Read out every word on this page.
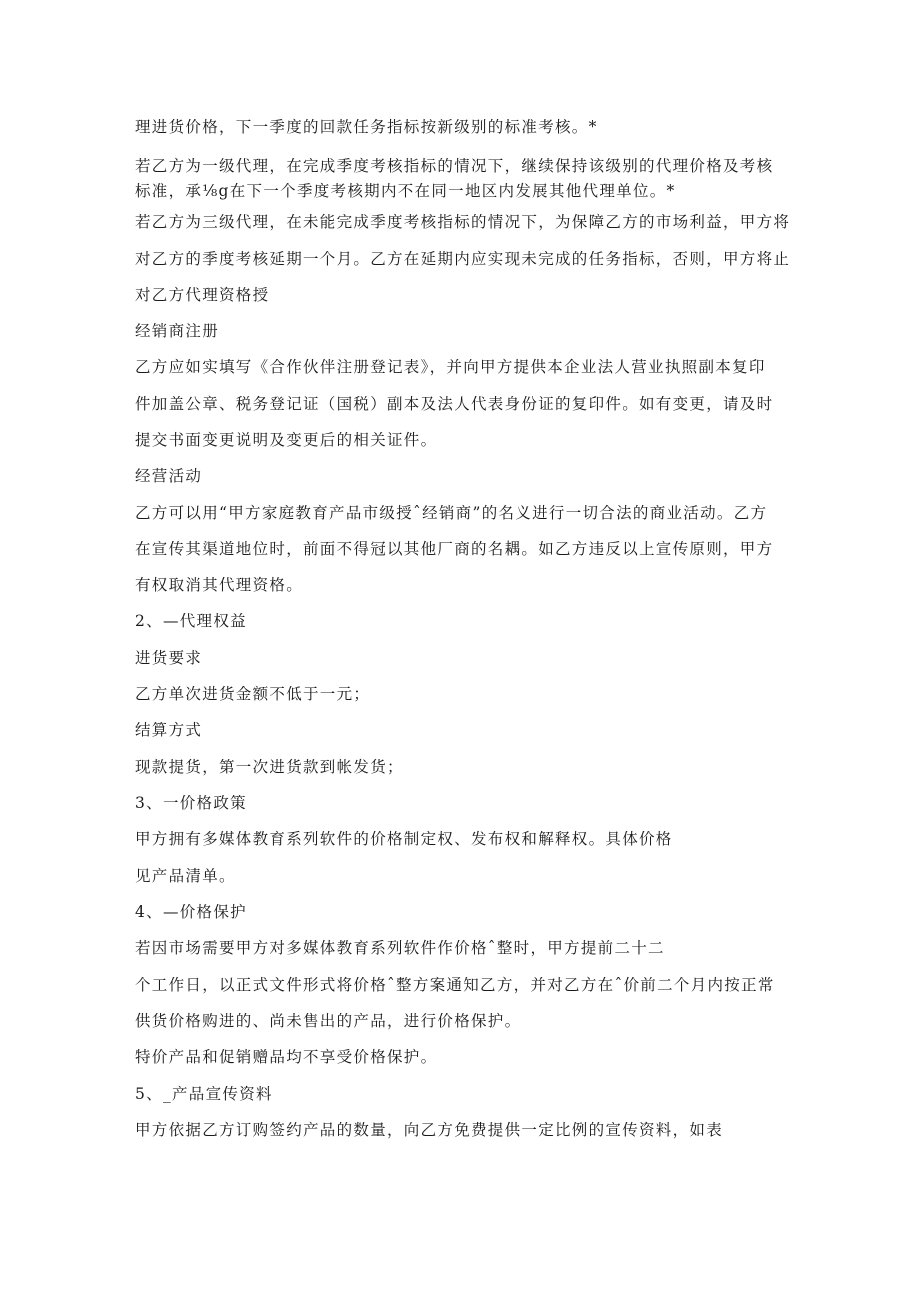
理进货价格，下一季度的回款任务指标按新级别的标准考核。*
若乙方为一级代理，在完成季度考核指标的情况下，继续保持该级别的代理价格及考核
标准，承⅛g在下一个季度考核期内不在同一地区内发展其他代理单位。*
若乙方为三级代理，在未能完成季度考核指标的情况下，为保障乙方的市场利益，甲方将
对乙方的季度考核延期一个月。乙方在延期内应实现未完成的任务指标，否则，甲方将止
对乙方代理资格授
经销商注册
乙方应如实填写《合作伙伴注册登记表》，并向甲方提供本企业法人营业执照副本复印
件加盖公章、税务登记证（国税）副本及法人代表身份证的复印件。如有变更，请及时
提交书面变更说明及变更后的相关证件。
经营活动
乙方可以用“甲方家庭教育产品市级授ˆ经销商”的名义进行一切合法的商业活动。乙方
在宣传其渠道地位时，前面不得冠以其他厂商的名耦。如乙方违反以上宣传原则，甲方
有权取消其代理资格。
2、—代理权益
进货要求
乙方单次进货金额不低于一元；
结算方式
现款提货，第一次进货款到帐发货；
3、一价格政策
甲方拥有多媒体教育系列软件的价格制定权、发布权和解释权。具体价格
见产品清单。
4、—价格保护
若因市场需要甲方对多媒体教育系列软件作价格ˆ整时，甲方提前二十二
个工作日，以正式文件形式将价格ˆ整方案通知乙方，并对乙方在ˆ价前二个月内按正常
供货价格购进的、尚未售出的产品，进行价格保护。
特价产品和促销赠品均不享受价格保护。
5、_产品宣传资料
甲方依据乙方订购签约产品的数量，向乙方免费提供一定比例的宣传资料，如表
